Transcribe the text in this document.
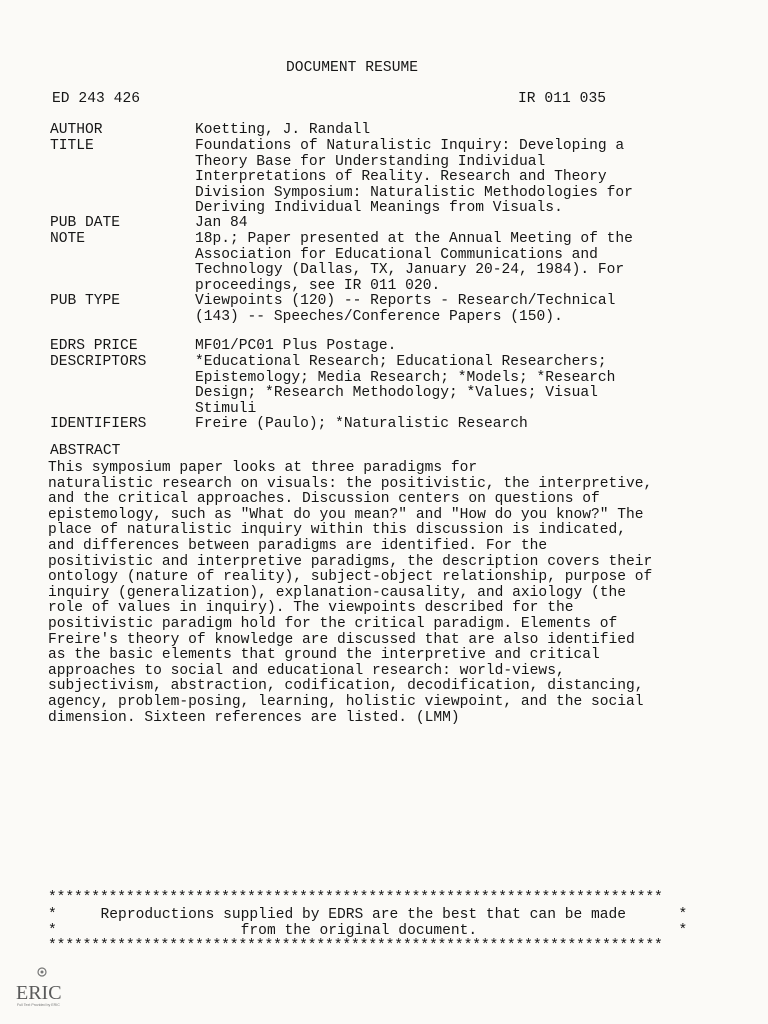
DOCUMENT RESUME
ED 243 426	IR 011 035
AUTHOR	Koetting, J. Randall
TITLE	Foundations of Naturalistic Inquiry: Developing a
Theory Base for Understanding Individual
Interpretations of Reality. Research and Theory
Division Symposium: Naturalistic Methodologies for
Deriving Individual Meanings from Visuals.
PUB DATE	Jan 84
NOTE	18p.; Paper presented at the Annual Meeting of the
Association for Educational Communications and
Technology (Dallas, TX, January 20-24, 1984). For
proceedings, see IR 011 020.
PUB TYPE	Viewpoints (120) -- Reports - Research/Technical
(143) -- Speeches/Conference Papers (150).
EDRS PRICE	MF01/PC01 Plus Postage.
DESCRIPTORS	*Educational Research; Educational Researchers;
Epistemology; Media Research; *Models; *Research
Design; *Research Methodology; *Values; Visual
Stimuli
IDENTIFIERS	Freire (Paulo); *Naturalistic Research
ABSTRACT
This symposium paper looks at three paradigms for
naturalistic research on visuals: the positivistic, the interpretive,
and the critical approaches. Discussion centers on questions of
epistemology, such as "What do you mean?" and "How do you know?" The
place of naturalistic inquiry within this discussion is indicated,
and differences between paradigms are identified. For the
positivistic and interpretive paradigms, the description covers their
ontology (nature of reality), subject-object relationship, purpose of
inquiry (generalization), explanation-causality, and axiology (the
role of values in inquiry). The viewpoints described for the
positivistic paradigm hold for the critical paradigm. Elements of
Freire's theory of knowledge are discussed that are also identified
as the basic elements that ground the interpretive and critical
approaches to social and educational research: world-views,
subjectivism, abstraction, codification, decodification, distancing,
agency, problem-posing, learning, holistic viewpoint, and the social
dimension. Sixteen references are listed. (LMM)
***********************************************************************
*     Reproductions supplied by EDRS are the best that can be made      *
*                     from the original document.                       *
***********************************************************************
ERIC
Full Text Provided by ERIC
